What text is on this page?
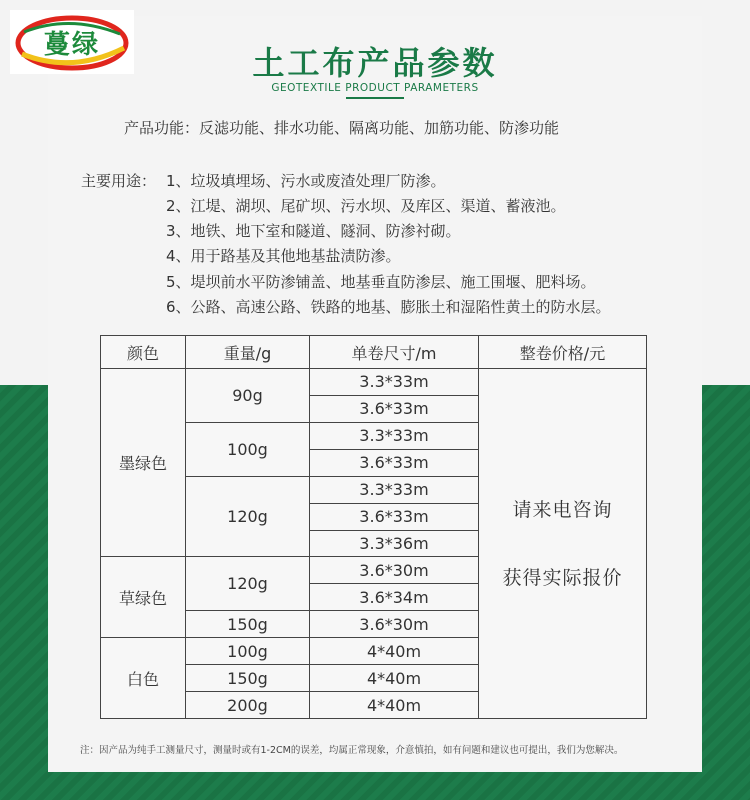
蔓绿	土工布产品参数
GEOTEXTILE PRODUCT PARAMETERS
产品功能：反滤功能、排水功能、隔离功能、加筋功能、防渗功能
主要用途： 1、垃圾填埋场、污水或废渣处理厂防渗。
2、江堤、湖坝、尾矿坝、污水坝、及库区、渠道、蓄液池。
3、地铁、地下室和隧道、隧洞、防渗衬砌。
4、用于路基及其他地基盐渍防渗。
5、堤坝前水平防渗铺盖、地基垂直防渗层、施工围堰、肥料场。
6、公路、高速公路、铁路的地基、膨胀土和湿陷性黄土的防水层。
颜色	重量/g	单卷尺寸/m	整卷价格/元
墨绿色	90g	3.3*33m	请来电咨询
获得实际报价

		3.6*33m	
	100g	3.3*33m	
		3.6*33m	
	120g	3.3*33m	
		3.6*33m	
		3.3*36m	
草绿色	120g	3.6*30m	
		3.6*34m	
	150g	3.6*30m	
白色	100g	4*40m	
	150g	4*40m	
	200g	4*40m	
注：因产品为纯手工测量尺寸，测量时或有1-2CM的误差，均属正常现象，介意慎拍，如有问题和建议也可提出，我们为您解决。
